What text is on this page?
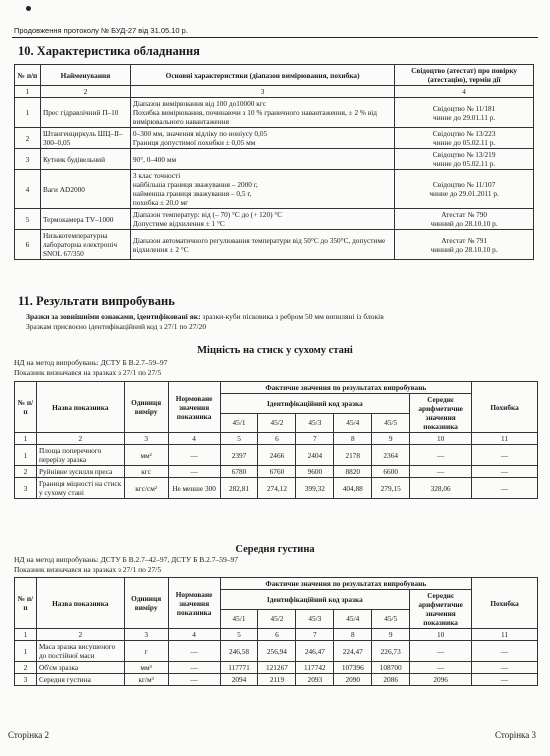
Продовження протоколу № БУД-27 від 31.05.10 р.
10. Характеристика обладнання
№ п/п	Найменування	Основні характеристики (діапазон вимірювання, похибка)	Свідоцтво (атестат) про повірку (атестацію), термін дії
1	2	3	4
1	Прес гідравлічний П–10	Діапазон вимірювання від 100 до10000 кгс
Похибка вимірювання, починаючи з 10 % граничного навантаження, ± 2 % від вимірювального навантаження	Свідоцтво № 11/181
чинне до 29.01.11 р.
2	Штангенциркуль ШЦ–II–300–0,05	0–300 мм, значення відліку по ноніусу 0,05
Границя допустимої похибки ± 0,05 мм	Свідоцтво № 13/223
чинне до 05.02.11 р.
3	Кутник будівельний	90°, 0–400 мм	Свідоцтво № 13/219
чинне до 05.02.11 р.
4	Ваги AD2000	3 клас точності
найбільша границя зважування – 2000 г,
найменша границя зважування – 0,5 г,
похибка ± 20,0 мг	Свідоцтво № 11/107
чинне до 29.01.2011 р.
5	Термокамера TV–1000	Діапазон температур: від (– 70) °С до (+ 120) °С
Допустиме відхилення ± 1 °С	Атестат № 790
чинний до 28.10.10 р.
6	Низькотемпературна лабораторна електропіч SNOL 67/350	Діапазон автоматичного регулювання температури від 50°С до 350°С, допустиме відхилення ± 2 °С	Атестат № 791
чинний до 28.10.10 р.
11. Результати випробувань
Зразки за зовнішніми ознаками, ідентифіковані як: зразки-куби пісковика з ребром 50 мм випиляні із блоків
Зразкам присвоєно ідентифікаційний код з 27/1 по 27/20
Міцність на стиск у сухому стані
НД на метод випробувань: ДСТУ Б В.2.7–59–97
Показник визначався на зразках з 27/1 по 27/5
№ п/п	Назва показника	Одиниця виміру	Нормоване значення показника	Фактичне значення по результатах випробувань						Похибка
				Ідентифікаційний код зразка					Середнє арифметичне значення показника	
				45/1	45/2	45/3	45/4	45/5		
1	2	3	4	5	6	7	8	9	10	11
1	Площа поперечного перерізу зразка	мм²	—	2397	2466	2404	2178	2364	—	—
2	Руйнівне зусилля преса	кгс	—	6780	6760	9600	8820	6600	—	—
3	Границя міцності на стиск у сухому стані	кгс/см²	Не менше 300	282,81	274,12	399,32	404,88	279,15	328,06	—
Середня густина
НД на метод випробувань: ДСТУ Б В.2.7–42–97, ДСТУ Б В.2.7–59–97
Показник визначався на зразках з 27/1 по 27/5
№ п/п	Назва показника	Одиниця виміру	Нормоване значення показника	Фактичне значення по результатах випробувань						Похибка
				Ідентифікаційний код зразка					Середнє арифметичне значення показника	
				45/1	45/2	45/3	45/4	45/5		
1	2	3	4	5	6	7	8	9	10	11
1	Маса зразка висушеного до постійної маси	г	—	246,58	256,94	246,47	224,47	226,73	—	—
2	Об'єм зразка	мм³	—	117771	121267	117742	107396	108700	—	—
3	Середня густина	кг/м³	—	2094	2119	2093	2090	2086	2096	—
Сторінка 2	Сторінка 3
